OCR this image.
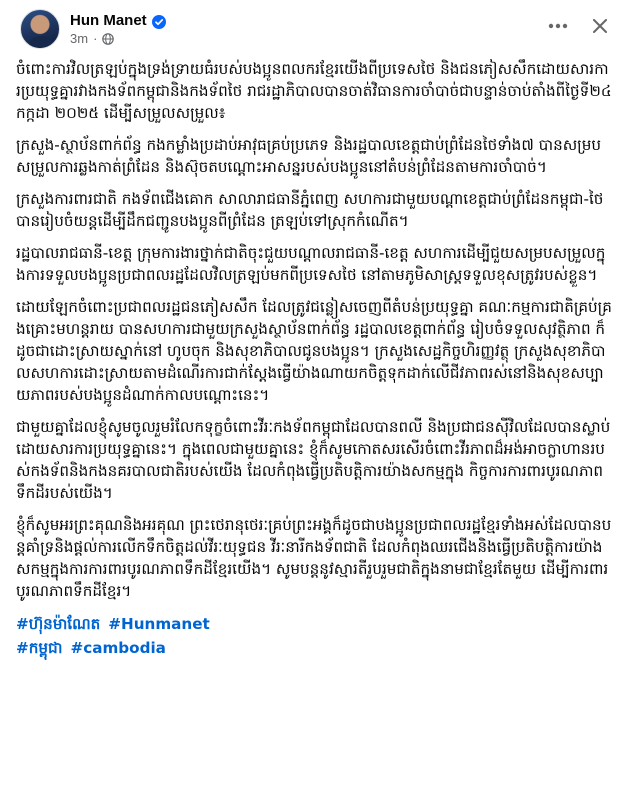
Hun Manet
3m ·

ចំពោះការវិលត្រឡប់ក្នុងទ្រង់ទ្រាយធំរបស់បងប្អូនពលករខ្មែរយើងពីប្រទេសថៃ និងជនភៀសសឹកដោយសារការប្រយុទ្ធគ្នារវាងកងទ័ពកម្ពុជានិងកងទ័ពថៃ រាជរដ្ឋាភិបាលបានចាត់វិធានការចាំបាច់ជាបន្ទាន់ចាប់តាំងពីថ្ងៃទី២៤ កក្កដា ២០២៥ ដើម្បីសម្រួលសម្រួល៖

ក្រសួង-ស្ថាប័នពាក់ព័ន្ធ កងកម្លាំងប្រដាប់អាវុធគ្រប់ប្រភេទ និងរដ្ឋបាលខេត្តជាប់ព្រំដែនថៃទាំង៧ បានសម្របសម្រួលការឆ្លងកាត់ព្រំដែន និងស៊ុចតបណ្តោះអាសន្នរបស់បងប្អូននៅតំបន់ព្រំដែនតាមការចាំបាច់។

ក្រសួងការពារជាតិ កងទ័ពជើងគោក សាលារាជធានីភ្នំពេញ សហការជាមួយបណ្តាខេត្តជាប់ព្រំដែនកម្ពុជា-ថៃ បានរៀបចំយន្តដើម្បីដឹកជញ្ជូនបងប្អូនពីព្រំដែន ត្រឡប់ទៅស្រុកកំណើត។

រដ្ឋបាលរាជធានី-ខេត្ត ក្រុមការងារថ្នាក់ជាតិចុះជួយបណ្តាលរាជធានី-ខេត្ត សហការដើម្បីជួយសម្របសម្រួលក្នុងការទទួលបងប្អូនប្រជាពលរដ្ឋដែលវិលត្រឡប់មកពីប្រទេសថៃ នៅតាមភូមិសាស្ត្រទទួលខុសត្រូវរបស់ខ្លួន។

ដោយឡែកចំពោះប្រជាពលរដ្ឋជនភៀសសឹក ដែលត្រូវជន្លៀសចេញពីតំបន់ប្រយុទ្ធគ្នា គណៈកម្មការជាតិគ្រប់គ្រងគ្រោះមហន្តរាយ បានសហការជាមួយក្រសួងស្ថាប័នពាក់ព័ន្ធ រដ្ឋបាលខេត្តពាក់ព័ន្ធ រៀបចំទទួលសុវត្ថិភាព ក៏ដូចជាដោះស្រាយស្នាក់នៅ ហូបចុក និងសុខាភិបាលជូនបងប្អូន។ ក្រសួងសេដ្ឋកិច្ចហិរញ្ញវត្ថុ ក្រសួងសុខាភិបាលសហការដោះស្រាយតាមដំណើរការជាក់ស្តែងធ្វើយ៉ាងណាយកចិត្តទុកដាក់លើជីវភាពរស់នៅនិងសុខសប្បាយភាពរបស់បងប្អូនដំណាក់កាលបណ្តោះនេះ។

ជាមួយគ្នាដែលខ្ញុំសូមចូលរួមរំលែកទុក្ខចំពោះវីរៈកងទ័ពកម្ពុជាដែលបានពលី និងប្រជាជនស៊ីវិលដែលបានស្លាប់ដោយសារការប្រយុទ្ធគ្នានេះ។ ក្នុងពេលជាមួយគ្នានេះ ខ្ញុំក៏សូមកោតសរសើរចំពោះវីរភាពដ៏អង់អាចក្លាហានរបស់កងទ័ពនិងកងនគរបាលជាតិរបស់យើង ដែលកំពុងធ្វើប្រតិបត្តិការយ៉ាងសកម្មក្នុង កិច្ចការការពារបូរណភាពទឹកដីរបស់យើង។

ខ្ញុំក៏សូមអរព្រះគុណនិងអរគុណ ព្រះថេរានុថេរៈគ្រប់ព្រះអង្គក៏ដូចជាបងប្អូនប្រជាពលរដ្ឋខ្មែរទាំងអស់ដែលបានបន្តគាំទ្រនិងផ្តល់ការលើកទឹកចិត្តដល់វីរៈយុទ្ធជន វីរៈនារីកងទ័ពជាតិ ដែលកំពុងឈរជើងនិងធ្វើប្រតិបត្តិការយ៉ាងសកម្មក្នុងការការពារបូរណភាពទឹកដីខ្មែរយើង។ សូមបន្តនូវស្មារតីរួបរួមជាតិក្នុងនាមជាខ្មែរតែមួយ ដើម្បីការពារបូរណភាពទឹកដីខ្មែរ។

#ហ៊ុនម៉ាណែត #Hunmanet
#កម្ពុជា #cambodia
